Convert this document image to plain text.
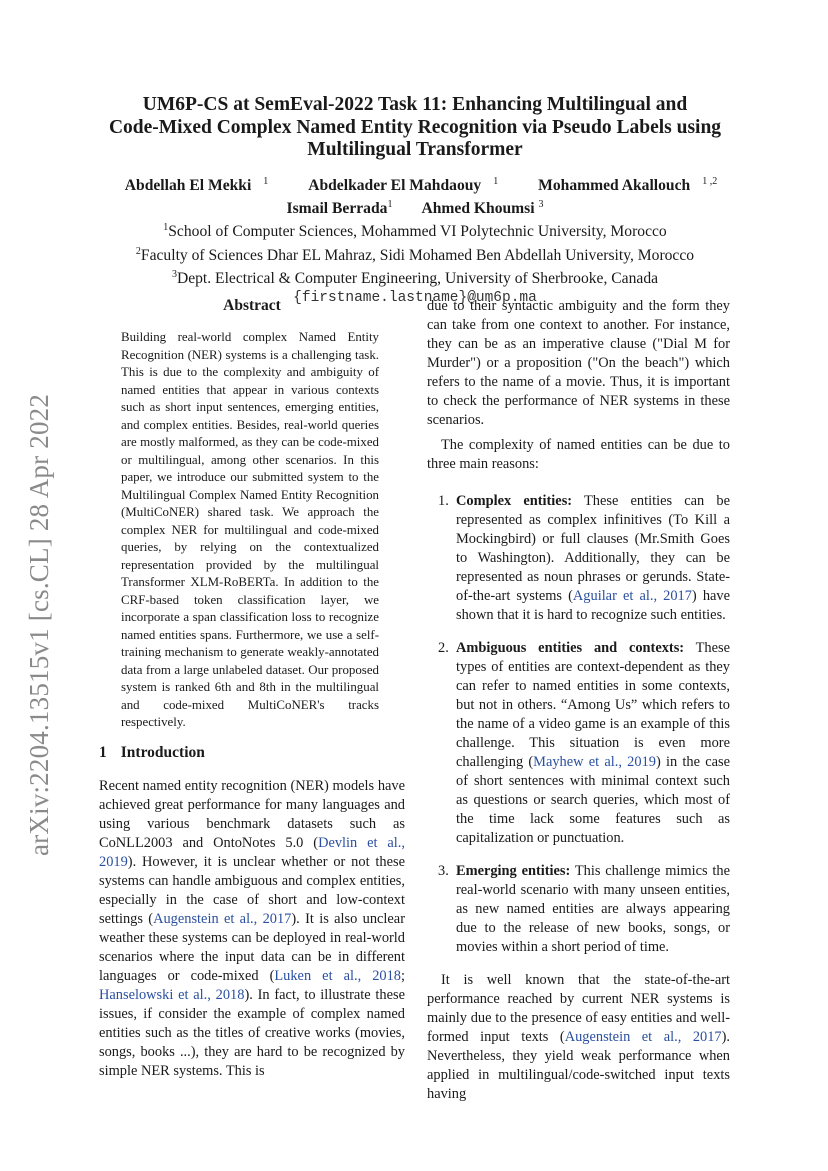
arXiv:2204.13515v1 [cs.CL] 28 Apr 2022
UM6P-CS at SemEval-2022 Task 11: Enhancing Multilingual and
Code-Mixed Complex Named Entity Recognition via Pseudo Labels using
Multilingual Transformer
Abdellah El Mekki $^1$	Abdelkader El Mahdaouy $^1$	Mohammed Akallouch $^{1 ,2}$
Ismail Berrada$^1$ Ahmed Khoumsi $^3$
$^1$School of Computer Sciences, Mohammed VI Polytechnic University, Morocco
$^2$Faculty of Sciences Dhar EL Mahraz, Sidi Mohamed Ben Abdellah University, Morocco
$^3$Dept. Electrical & Computer Engineering, University of Sherbrooke, Canada
{firstname.lastname}@um6p.ma
Abstract
Building real-world complex Named Entity Recognition (NER) systems is a challenging task. This is due to the complexity and ambiguity of named entities that appear in various contexts such as short input sentences, emerging entities, and complex entities. Besides, real-world queries are mostly malformed, as they can be code-mixed or multilingual, among other scenarios. In this paper, we introduce our submitted system to the Multilingual Complex Named Entity Recognition (MultiCoNER) shared task. We approach the complex NER for multilingual and code-mixed queries, by relying on the contextualized representation provided by the multilingual Transformer XLM-RoBERTa. In addition to the CRF-based token classification layer, we incorporate a span classification loss to recognize named entities spans. Furthermore, we use a self-training mechanism to generate weakly-annotated data from a large unlabeled dataset. Our proposed system is ranked 6th and 8th in the multilingual and code-mixed MultiCoNER's tracks respectively.
1 Introduction

Recent named entity recognition (NER) models have achieved great performance for many languages and using various benchmark datasets such as CoNLL2003 and OntoNotes 5.0 (Devlin et al., 2019). However, it is unclear whether or not these systems can handle ambiguous and complex entities, especially in the case of short and low-context settings (Augenstein et al., 2017). It is also unclear weather these systems can be deployed in real-world scenarios where the input data can be in different languages or code-mixed (Luken et al., 2018; Hanselowski et al., 2018). In fact, to illustrate these issues, if consider the example of complex named entities such as the titles of creative works (movies, songs, books ...), they are hard to be recognized by simple NER systems. This is

due to their syntactic ambiguity and the form they can take from one context to another. For instance, they can be as an imperative clause ("Dial M for Murder") or a proposition ("On the beach") which refers to the name of a movie. Thus, it is important to check the performance of NER systems in these scenarios.

The complexity of named entities can be due to three main reasons:

1. Complex entities: These entities can be represented as complex infinitives (To Kill a Mockingbird) or full clauses (Mr.Smith Goes to Washington). Additionally, they can be represented as noun phrases or gerunds. State-of-the-art systems (Aguilar et al., 2017) have shown that it is hard to recognize such entities.
2. Ambiguous entities and contexts: These types of entities are context-dependent as they can refer to named entities in some contexts, but not in others. “Among Us” which refers to the name of a video game is an example of this challenge. This situation is even more challenging (Mayhew et al., 2019) in the case of short sentences with minimal context such as questions or search queries, which most of the time lack some features such as capitalization or punctuation.
3. Emerging entities: This challenge mimics the real-world scenario with many unseen entities, as new named entities are always appearing due to the release of new books, songs, or movies within a short period of time.

It is well known that the state-of-the-art performance reached by current NER systems is mainly due to the presence of easy entities and well-formed input texts (Augenstein et al., 2017). Nevertheless, they yield weak performance when applied in multilingual/code-switched input texts having
